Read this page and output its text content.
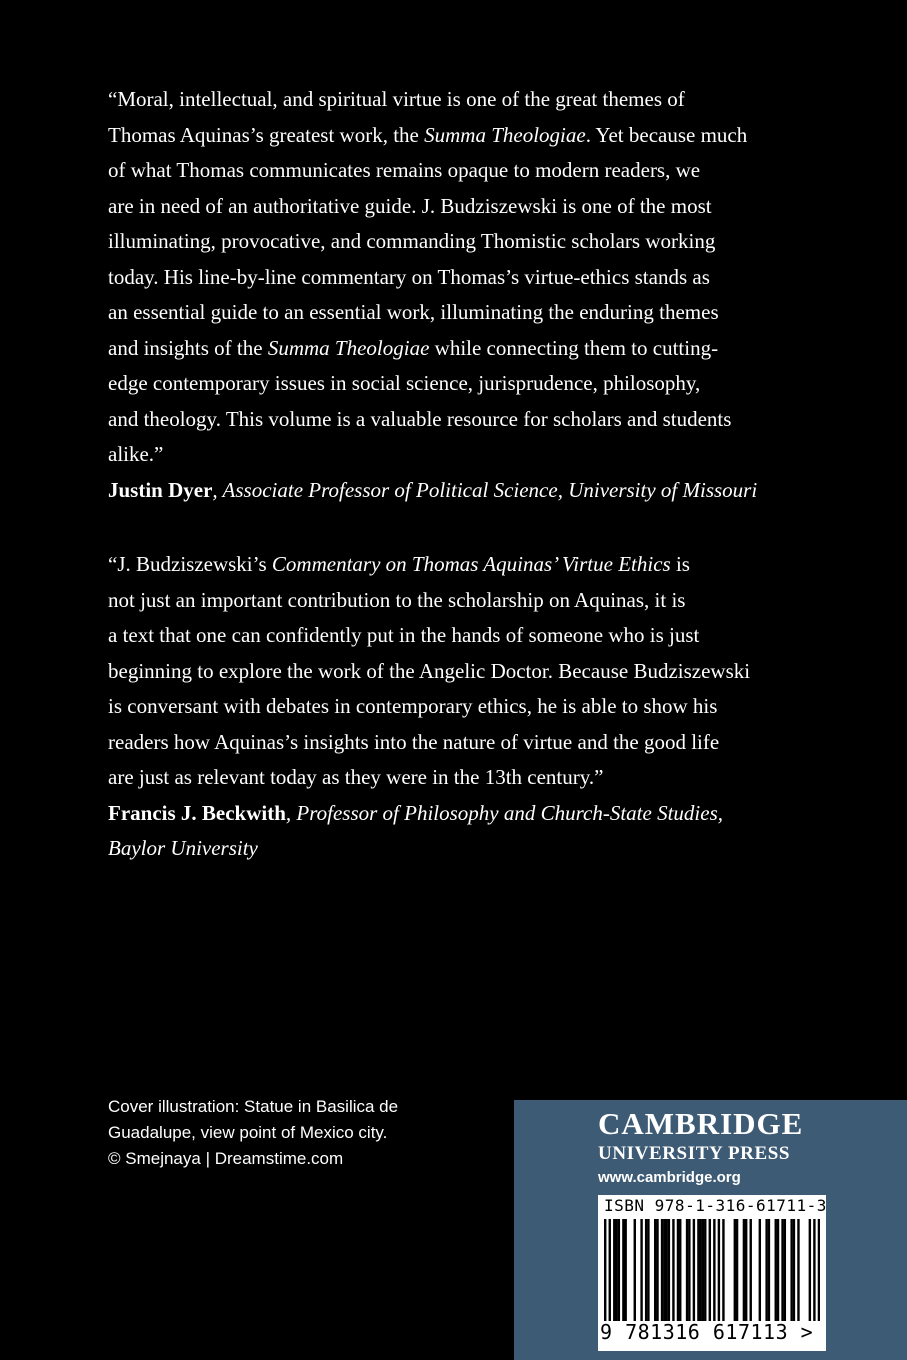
“Moral, intellectual, and spiritual virtue is one of the great themes of

Thomas Aquinas’s greatest work, the Summa Theologiae. Yet because much

of what Thomas communicates remains opaque to modern readers, we

are in need of an authoritative guide. J. Budziszewski is one of the most

illuminating, provocative, and commanding Thomistic scholars working

today. His line-by-line commentary on Thomas’s virtue-ethics stands as

an essential guide to an essential work, illuminating the enduring themes

and insights of the Summa Theologiae while connecting them to cutting-

edge contemporary issues in social science, jurisprudence, philosophy,

and theology. This volume is a valuable resource for scholars and students

alike.”

Justin Dyer, Associate Professor of Political Science, University of Missouri

“J. Budziszewski’s Commentary on Thomas Aquinas’ Virtue Ethics is

not just an important contribution to the scholarship on Aquinas, it is

a text that one can confidently put in the hands of someone who is just

beginning to explore the work of the Angelic Doctor. Because Budziszewski

is conversant with debates in contemporary ethics, he is able to show his

readers how Aquinas’s insights into the nature of virtue and the good life

are just as relevant today as they were in the 13th century.”

Francis J. Beckwith, Professor of Philosophy and Church-State Studies,

Baylor University

Cover illustration: Statue in Basilica de
Guadalupe, view point of Mexico city.
© Smejnaya | Dreamstime.com
CAMBRIDGE
UNIVERSITY PRESS
www.cambridge.org
ISBN 978-1-316-61711-3
9 781316 617113 >
